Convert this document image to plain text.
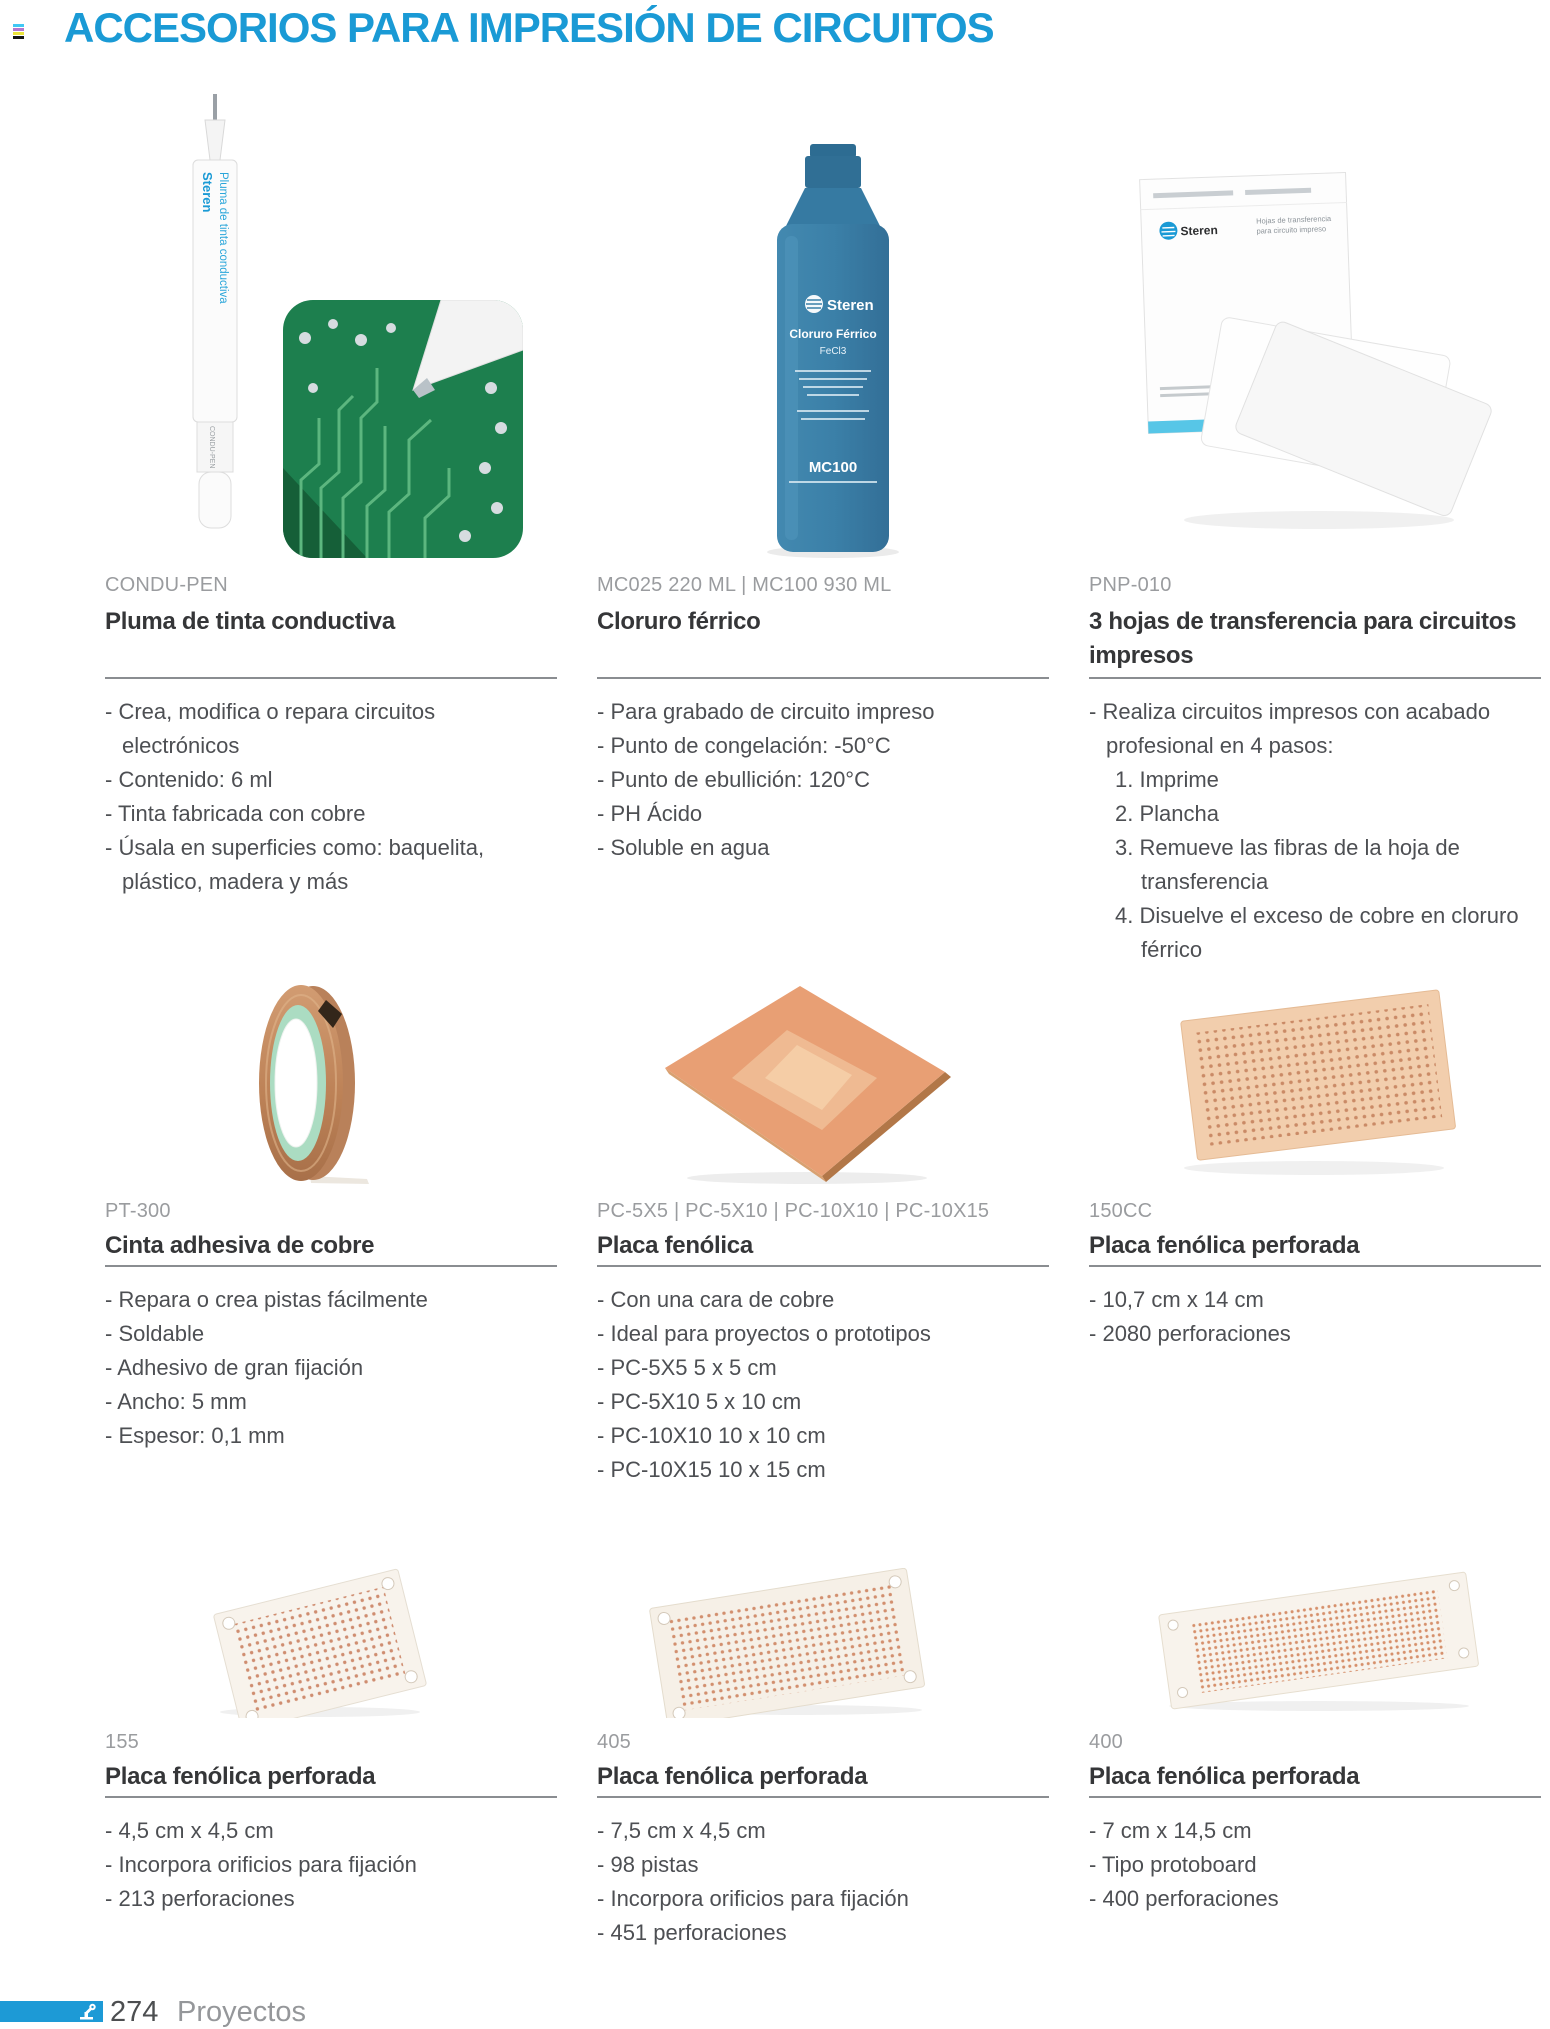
ACCESORIOS PARA IMPRESIÓN DE CIRCUITOS
Steren Pluma de tinta conductiva
CONDU-PEN
CONDU-PEN
Pluma de tinta conductiva
- Crea, modifica o repara circuitos electrónicos
- Contenido: 6 ml
- Tinta fabricada con cobre
- Úsala en superficies como: baquelita, plástico, madera y más
Steren
Cloruro Férrico
FeCl3
MC100
MC025 220 ML | MC100 930 ML
Cloruro férrico
- Para grabado de circuito impreso
- Punto de congelación: -50°C
- Punto de ebullición: 120°C
- PH Ácido
- Soluble en agua
Steren
Hojas de transferencia
para circuito impreso
PNP-010
3 hojas de transferencia para circuitos impresos
- Realiza circuitos impresos con acabado profesional en 4 pasos:
1. Imprime
2. Plancha
3. Remueve las fibras de la hoja de transferencia
4. Disuelve el exceso de cobre en cloruro férrico
PT-300
Cinta adhesiva de cobre
- Repara o crea pistas fácilmente
- Soldable
- Adhesivo de gran fijación
- Ancho: 5 mm
- Espesor: 0,1 mm
PC-5X5 | PC-5X10 | PC-10X10 | PC-10X15
Placa fenólica
- Con una cara de cobre
- Ideal para proyectos o prototipos
- PC-5X5 5 x 5 cm
- PC-5X10 5 x 10 cm
- PC-10X10 10 x 10 cm
- PC-10X15 10 x 15 cm
150CC
Placa fenólica perforada
- 10,7 cm x 14 cm
- 2080 perforaciones
155
Placa fenólica perforada
- 4,5 cm x 4,5 cm
- Incorpora orificios para fijación
- 213 perforaciones
405
Placa fenólica perforada
- 7,5 cm x 4,5 cm
- 98 pistas
- Incorpora orificios para fijación
- 451 perforaciones
400
Placa fenólica perforada
- 7 cm x 14,5 cm
- Tipo protoboard
- 400 perforaciones
274 Proyectos
